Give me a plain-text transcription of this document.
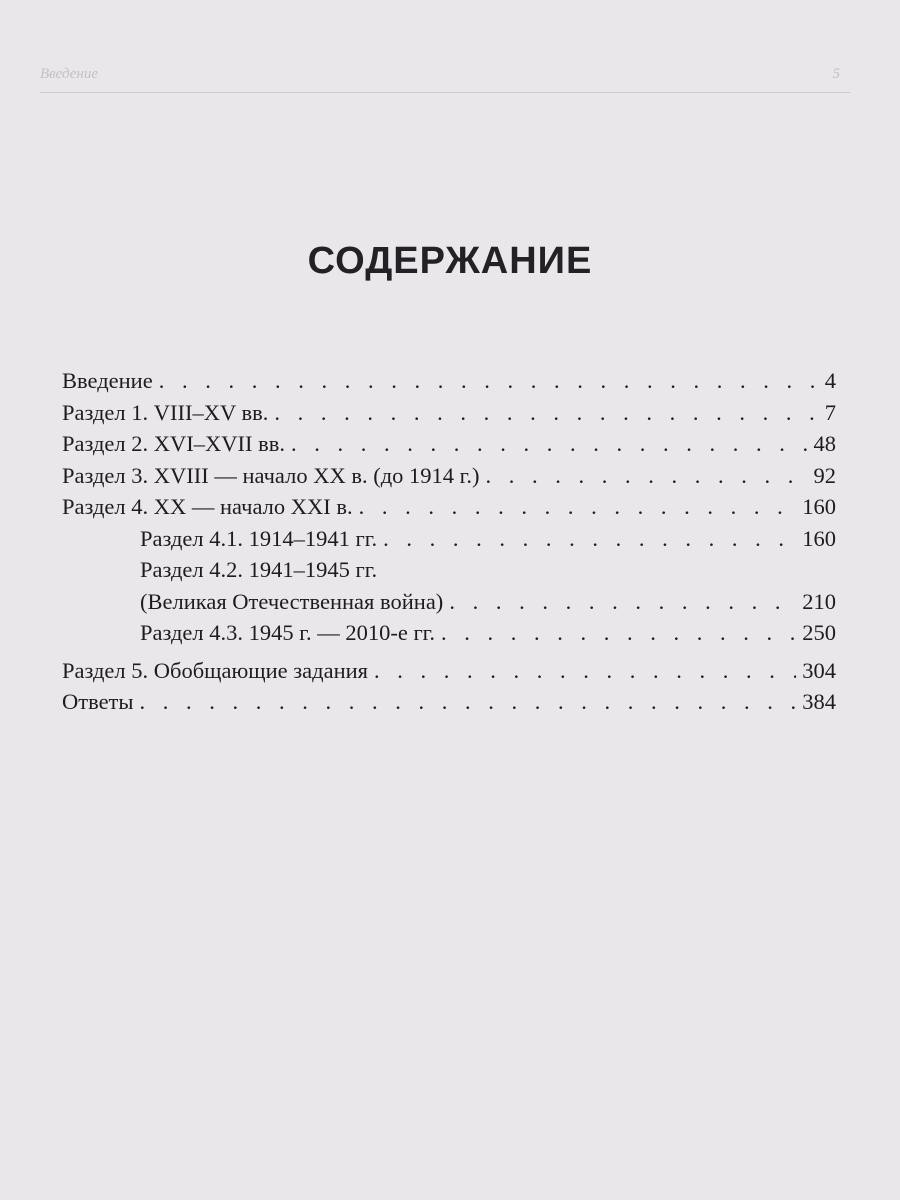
Введение	5
СОДЕРЖАНИЕ
Введение . . .	4
Раздел 1. VIII–XV вв. . . .	7
Раздел 2. XVI–XVII вв. . . .	48
Раздел 3. XVIII — начало XX в. (до 1914 г.) . . .	92
Раздел 4. XX — начало XXI в. . . .	160
Раздел 4.1. 1914–1941 гг. . . .	160
Раздел 4.2. 1941–1945 гг.
(Великая Отечественная война) . . .	210
Раздел 4.3. 1945 г. — 2010-е гг. . . .	250
Раздел 5. Обобщающие задания . . .	304
Ответы . . .	384
